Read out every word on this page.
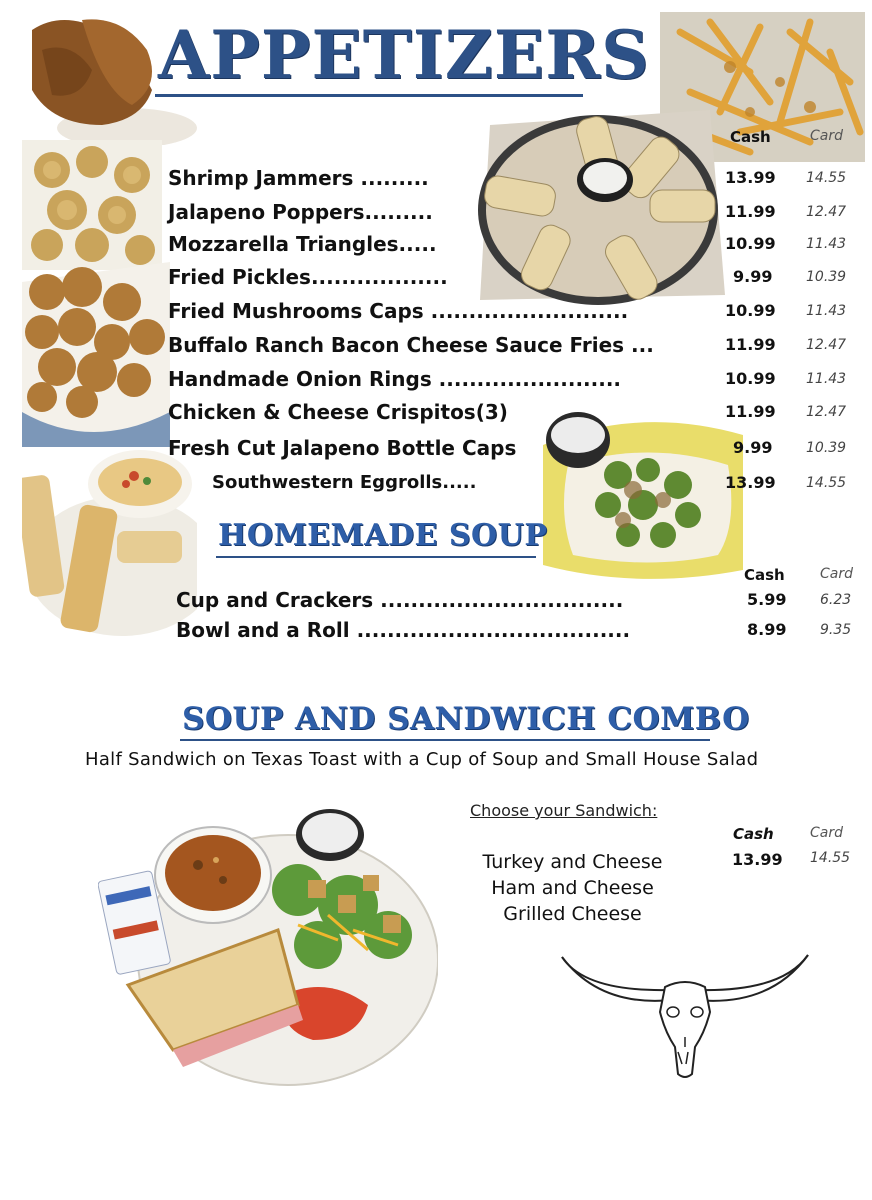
APPETIZERS
Cash	Card
Shrimp Jammers .........	13.99	14.55
Jalapeno Poppers.........	11.99	12.47
Mozzarella Triangles.....	10.99	11.43
Fried Pickles..................	9.99	10.39
Fried Mushrooms Caps ..........................	10.99	11.43
Buffalo Ranch Bacon Cheese Sauce Fries ...	11.99	12.47
Handmade Onion Rings ........................	10.99	11.43
Chicken & Cheese Crispitos(3)	11.99	12.47
Fresh Cut Jalapeno Bottle Caps	9.99	10.39
Southwestern Eggrolls.....	13.99	14.55
HOMEMADE SOUP
Cash	Card
Cup and Crackers ................................	5.99	6.23
Bowl and a Roll ....................................	8.99	9.35
SOUP AND SANDWICH COMBO
Half Sandwich on Texas Toast with a Cup of Soup and Small House Salad
Choose your Sandwich:
Cash	Card
Turkey and Cheese
Ham and Cheese
Grilled Cheese
13.99 14.55
